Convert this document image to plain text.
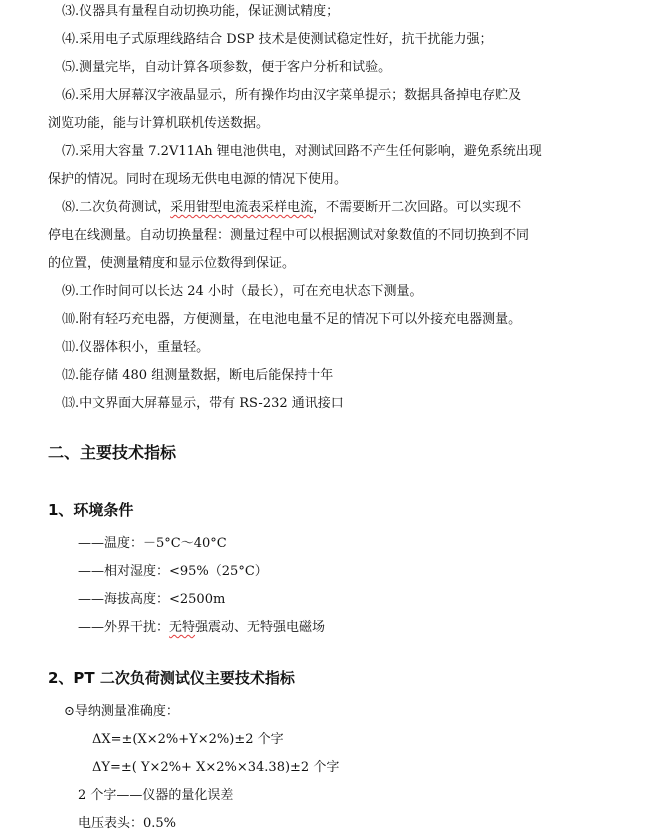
⑶.仪器具有量程自动切换功能，保证测试精度；
⑷.采用电子式原理线路结合 DSP 技术是使测试稳定性好，抗干扰能力强；
⑸.测量完毕，自动计算各项参数，便于客户分析和试验。
⑹.采用大屏幕汉字液晶显示，所有操作均由汉字菜单提示；数据具备掉电存贮及
浏览功能，能与计算机联机传送数据。
⑺.采用大容量 7.2V11Ah 锂电池供电，对测试回路不产生任何影响，避免系统出现
保护的情况。同时在现场无供电电源的情况下使用。
⑻.二次负荷测试，采用钳型电流表采样电流，不需要断开二次回路。可以实现不
停电在线测量。自动切换量程：测量过程中可以根据测试对象数值的不同切换到不同
的位置，使测量精度和显示位数得到保证。
⑼.工作时间可以长达 24 小时（最长），可在充电状态下测量。
⑽.附有轻巧充电器，方便测量，在电池电量不足的情况下可以外接充电器测量。
⑾.仪器体积小，重量轻。
⑿.能存储 480 组测量数据，断电后能保持十年
⒀.中文界面大屏幕显示，带有 RS-232 通讯接口
二、主要技术指标
1、环境条件
——温度：－5°C～40°C
——相对湿度：<95%（25°C）
——海拔高度：<2500m
——外界干扰：无特强震动、无特强电磁场
2、PT 二次负荷测试仪主要技术指标
⊙导纳测量准确度：
ΔX=±(X×2%+Y×2%)±2 个字
ΔY=±( Y×2%+ X×2%×34.38)±2 个字
2 个字——仪器的量化误差
电压表头：0.5%
